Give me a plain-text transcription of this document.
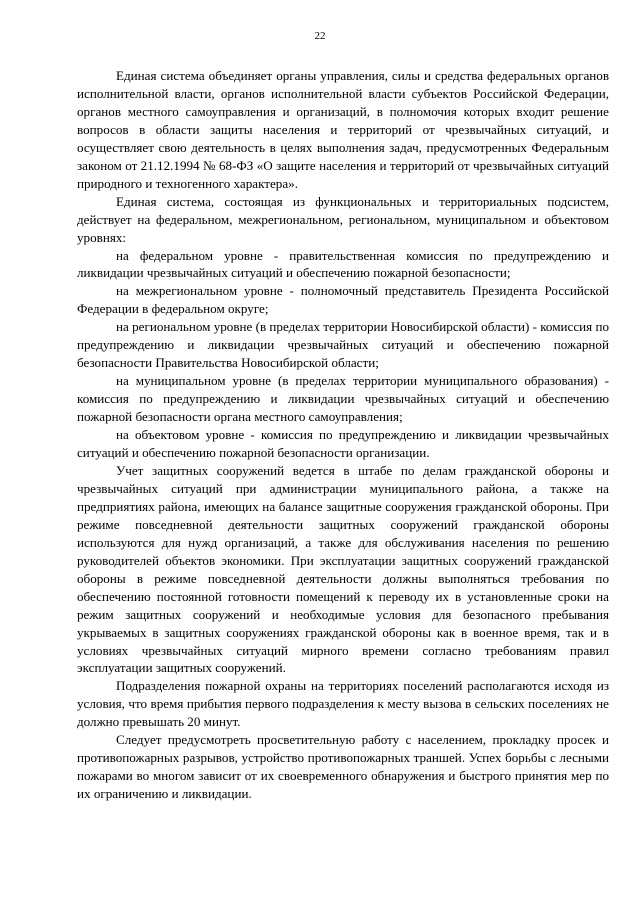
22

Единая система объединяет органы управления, силы и средства федеральных органов исполнительной власти, органов исполнительной власти субъектов Российской Федерации, органов местного самоуправления и организаций, в полномочия которых входит решение вопросов в области защиты населения и территорий от чрезвычайных ситуаций, и осуществляет свою деятельность в целях выполнения задач, предусмотренных Федеральным законом от 21.12.1994 № 68-ФЗ «О защите населения и территорий от чрезвычайных ситуаций природного и техногенного характера».

Единая система, состоящая из функциональных и территориальных подсистем, действует на федеральном, межрегиональном, региональном, муниципальном и объектовом уровнях:

на федеральном уровне - правительственная комиссия по предупреждению и ликвидации чрезвычайных ситуаций и обеспечению пожарной безопасности;

на межрегиональном уровне - полномочный представитель Президента Российской Федерации в федеральном округе;

на региональном уровне (в пределах территории Новосибирской области) - комиссия по предупреждению и ликвидации чрезвычайных ситуаций и обеспечению пожарной безопасности Правительства Новосибирской области;

на муниципальном уровне (в пределах территории муниципального образования) - комиссия по предупреждению и ликвидации чрезвычайных ситуаций и обеспечению пожарной безопасности органа местного самоуправления;

на объектовом уровне - комиссия по предупреждению и ликвидации чрезвычайных ситуаций и обеспечению пожарной безопасности организации.

Учет защитных сооружений ведется в штабе по делам гражданской обороны и чрезвычайных ситуаций при администрации муниципального района, а также на предприятиях района, имеющих на балансе защитные сооружения гражданской обороны. При режиме повседневной деятельности защитных сооружений гражданской обороны используются для нужд организаций, а также для обслуживания населения по решению руководителей объектов экономики. При эксплуатации защитных сооружений гражданской обороны в режиме повседневной деятельности должны выполняться требования по обеспечению постоянной готовности помещений к переводу их в установленные сроки на режим защитных сооружений и необходимые условия для безопасного пребывания укрываемых в защитных сооружениях гражданской обороны как в военное время, так и в условиях чрезвычайных ситуаций мирного времени согласно требованиям правил эксплуатации защитных сооружений.

Подразделения пожарной охраны на территориях поселений располагаются исходя из условия, что время прибытия первого подразделения к месту вызова в сельских поселениях не должно превышать 20 минут.

Следует предусмотреть просветительную работу с населением, прокладку просек и противопожарных разрывов, устройство противопожарных траншей. Успех борьбы с лесными пожарами во многом зависит от их своевременного обнаружения и быстрого принятия мер по их ограничению и ликвидации.
